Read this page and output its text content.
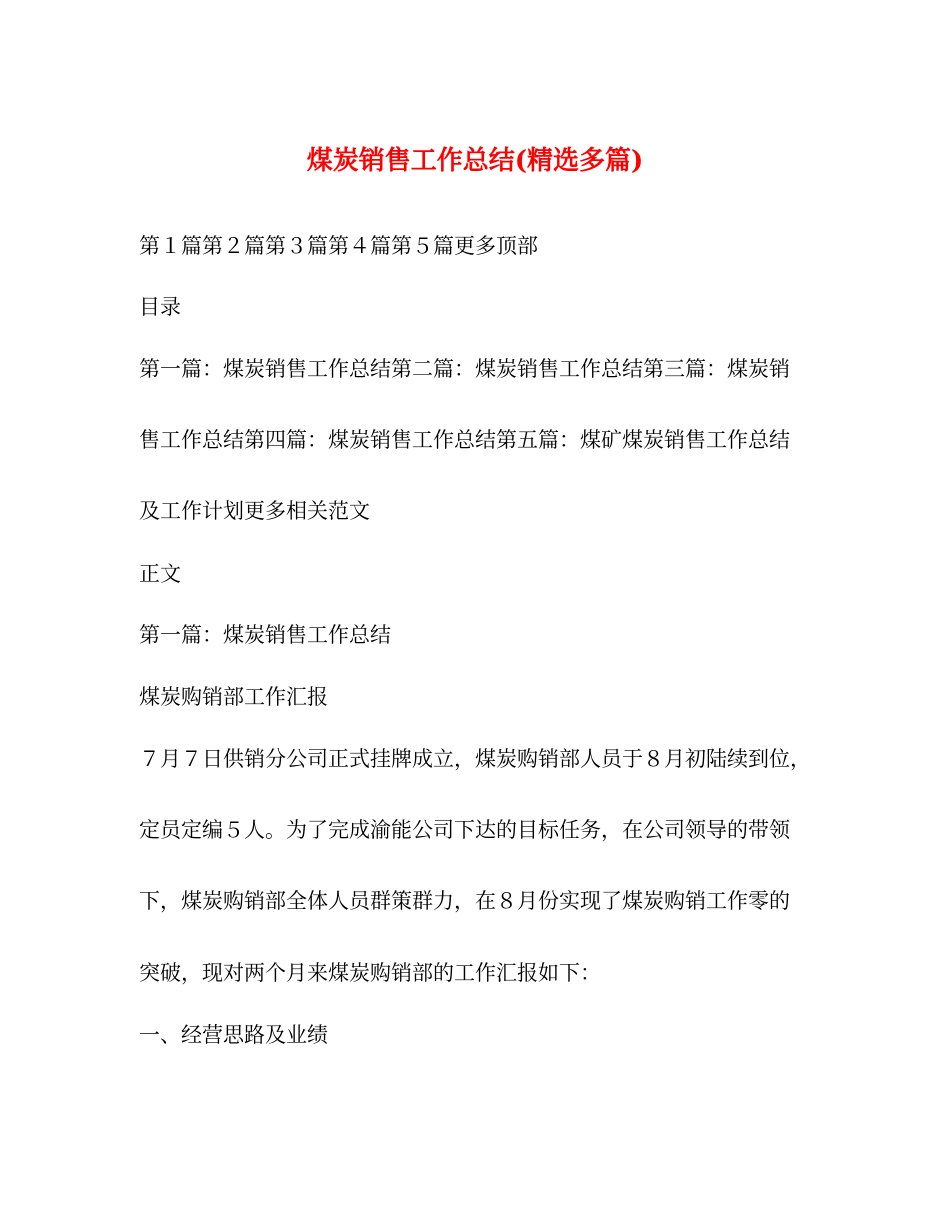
煤炭销售工作总结(精选多篇)
第１篇第２篇第３篇第４篇第５篇更多顶部
目录
第一篇：煤炭销售工作总结第二篇：煤炭销售工作总结第三篇：煤炭销
售工作总结第四篇：煤炭销售工作总结第五篇：煤矿煤炭销售工作总结
及工作计划更多相关范文
正文
第一篇：煤炭销售工作总结
煤炭购销部工作汇报
７月７日供销分公司正式挂牌成立，煤炭购销部人员于８月初陆续到位，
定员定编５人。为了完成渝能公司下达的目标任务，在公司领导的带领
下，煤炭购销部全体人员群策群力，在８月份实现了煤炭购销工作零的
突破，现对两个月来煤炭购销部的工作汇报如下：
一、经营思路及业绩
